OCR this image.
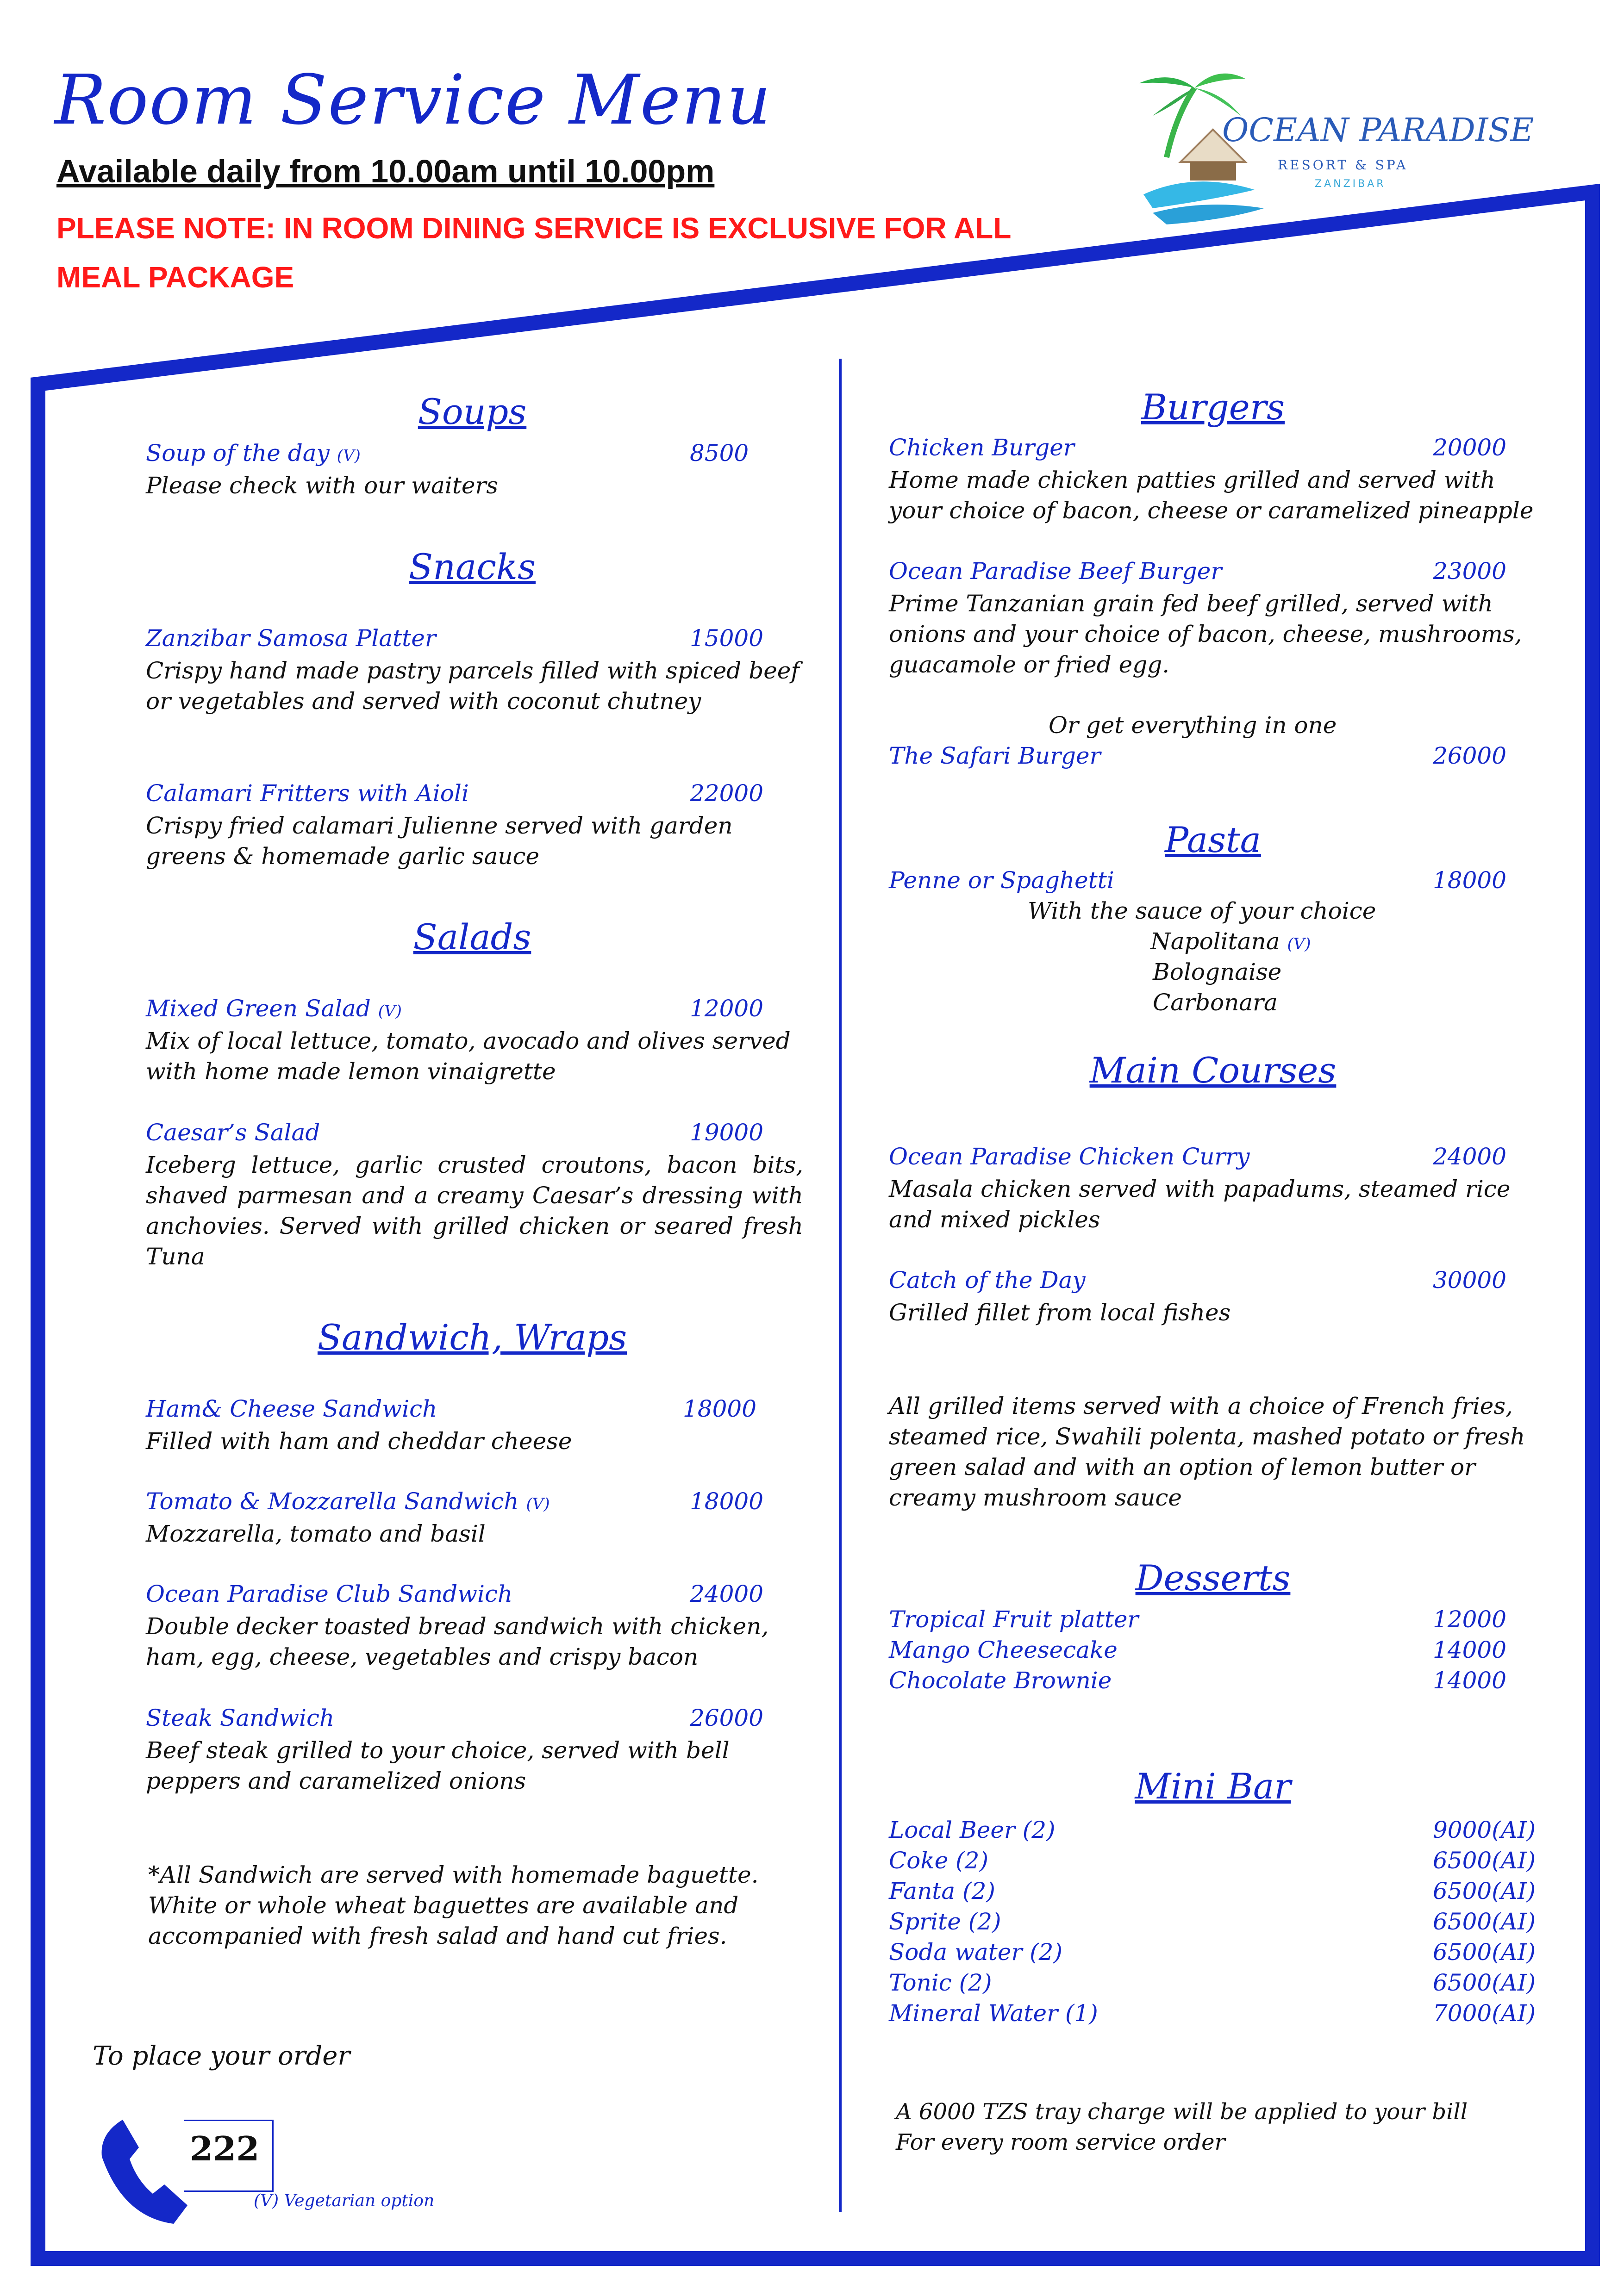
Room Service Menu
Available daily from 10.00am until 10.00pm
PLEASE NOTE: IN ROOM DINING SERVICE IS EXCLUSIVE FOR ALL
MEAL PACKAGE
OCEAN PARADISE
RESORT & SPA
ZANZIBAR
Soups
Soup of the day (V)	8500
Please check with our waiters
Snacks
Zanzibar Samosa Platter	15000
Crispy hand made pastry parcels filled with spiced beef or vegetables and served with coconut chutney
Calamari Fritters with Aioli	22000
Crispy fried calamari Julienne served with garden greens & homemade garlic sauce
Salads
Mixed Green Salad (V)	12000
Mix of local lettuce, tomato, avocado and olives served with home made lemon vinaigrette
Caesar’s Salad	19000
Iceberg lettuce, garlic crusted croutons, bacon bits, shaved parmesan and a creamy Caesar’s dressing with anchovies. Served with grilled chicken or seared fresh Tuna
Sandwich, Wraps
Ham& Cheese Sandwich	18000
Filled with ham and cheddar cheese
Tomato & Mozzarella Sandwich (V)	18000
Mozzarella, tomato and basil
Ocean Paradise Club Sandwich	24000
Double decker toasted bread sandwich with chicken, ham, egg, cheese, vegetables and crispy bacon
Steak Sandwich	26000
Beef steak grilled to your choice, served with bell peppers and caramelized onions
*All Sandwich are served with homemade baguette. White or whole wheat baguettes are available and accompanied with fresh salad and hand cut fries.
To place your order
222
(V) Vegetarian option
Burgers
Chicken Burger	20000
Home made chicken patties grilled and served with your choice of bacon, cheese or caramelized pineapple
Ocean Paradise Beef Burger	23000
Prime Tanzanian grain fed beef grilled, served with onions and your choice of bacon, cheese, mushrooms, guacamole or fried egg.
Or get everything in one
The Safari Burger	26000
Pasta
Penne or Spaghetti	18000
With the sauce of your choice
Napolitana (V)
Bolognaise
Carbonara
Main Courses
Ocean Paradise Chicken Curry	24000
Masala chicken served with papadums, steamed rice and mixed pickles
Catch of the Day	30000
Grilled fillet from local fishes
All grilled items served with a choice of French fries, steamed rice, Swahili polenta, mashed potato or fresh green salad and with an option of lemon butter or creamy mushroom sauce
Desserts
Tropical Fruit platter	12000
Mango Cheesecake	14000
Chocolate Brownie	14000
Mini Bar
Local Beer (2)	9000(AI)
Coke (2)	6500(AI)
Fanta (2)	6500(AI)
Sprite (2)	6500(AI)
Soda water (2)	6500(AI)
Tonic (2)	6500(AI)
Mineral Water (1)	7000(AI)
A 6000 TZS tray charge will be applied to your bill
For every room service order
